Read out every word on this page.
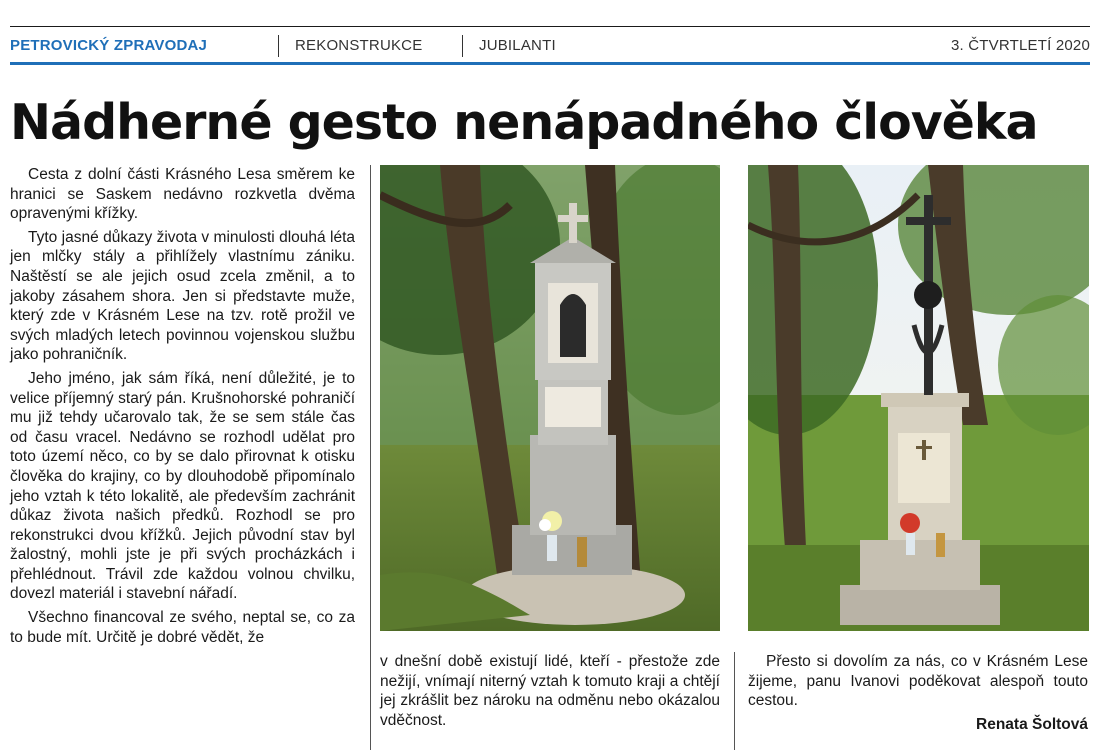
PETROVICKÝ ZPRAVODAJ	REKONSTRUKCE	JUBILANTI	3. ČTVRTLETÍ 2020
Nádherné gesto nenápadného člověka

Cesta z dolní části Krásného Lesa směrem ke hranici se Saskem nedávno rozkvetla dvěma opravenými křížky.

Tyto jasné důkazy života v minulosti dlouhá léta jen mlčky stály a přihlížely vlastnímu zániku. Naštěstí se ale jejich osud zcela změnil, a to jakoby zásahem shora. Jen si představte muže, který zde v Krásném Lese na tzv. rotě prožil ve svých mladých letech povinnou vojenskou službu jako pohraničník.

Jeho jméno, jak sám říká, není důležité, je to velice příjemný starý pán. Krušnohorské pohraničí mu již tehdy učarovalo tak, že se sem stále čas od času vracel. Nedávno se rozhodl udělat pro toto území něco, co by se dalo přirovnat k otisku člověka do krajiny, co by dlouhodobě připomínalo jeho vztah k této lokalitě, ale především zachránit důkaz života našich předků. Rozhodl se pro rekonstrukci dvou křížků. Jejich původní stav byl žalostný, mohli jste je při svých procházkách i přehlédnout. Trávil zde každou volnou chvilku, dovezl materiál i stavební nářadí.

Všechno financoval ze svého, neptal se, co za to bude mít. Určitě je dobré vědět, že

v dnešní době existují lidé, kteří - přestože zde nežijí, vnímají niterný vztah k tomuto kraji a chtějí jej zkrášlit bez nároku na odměnu nebo okázalou vděčnost.

Přesto si dovolím za nás, co v Krásném Lese žijeme, panu Ivanovi poděkovat alespoň touto cestou.

Renata Šoltová
